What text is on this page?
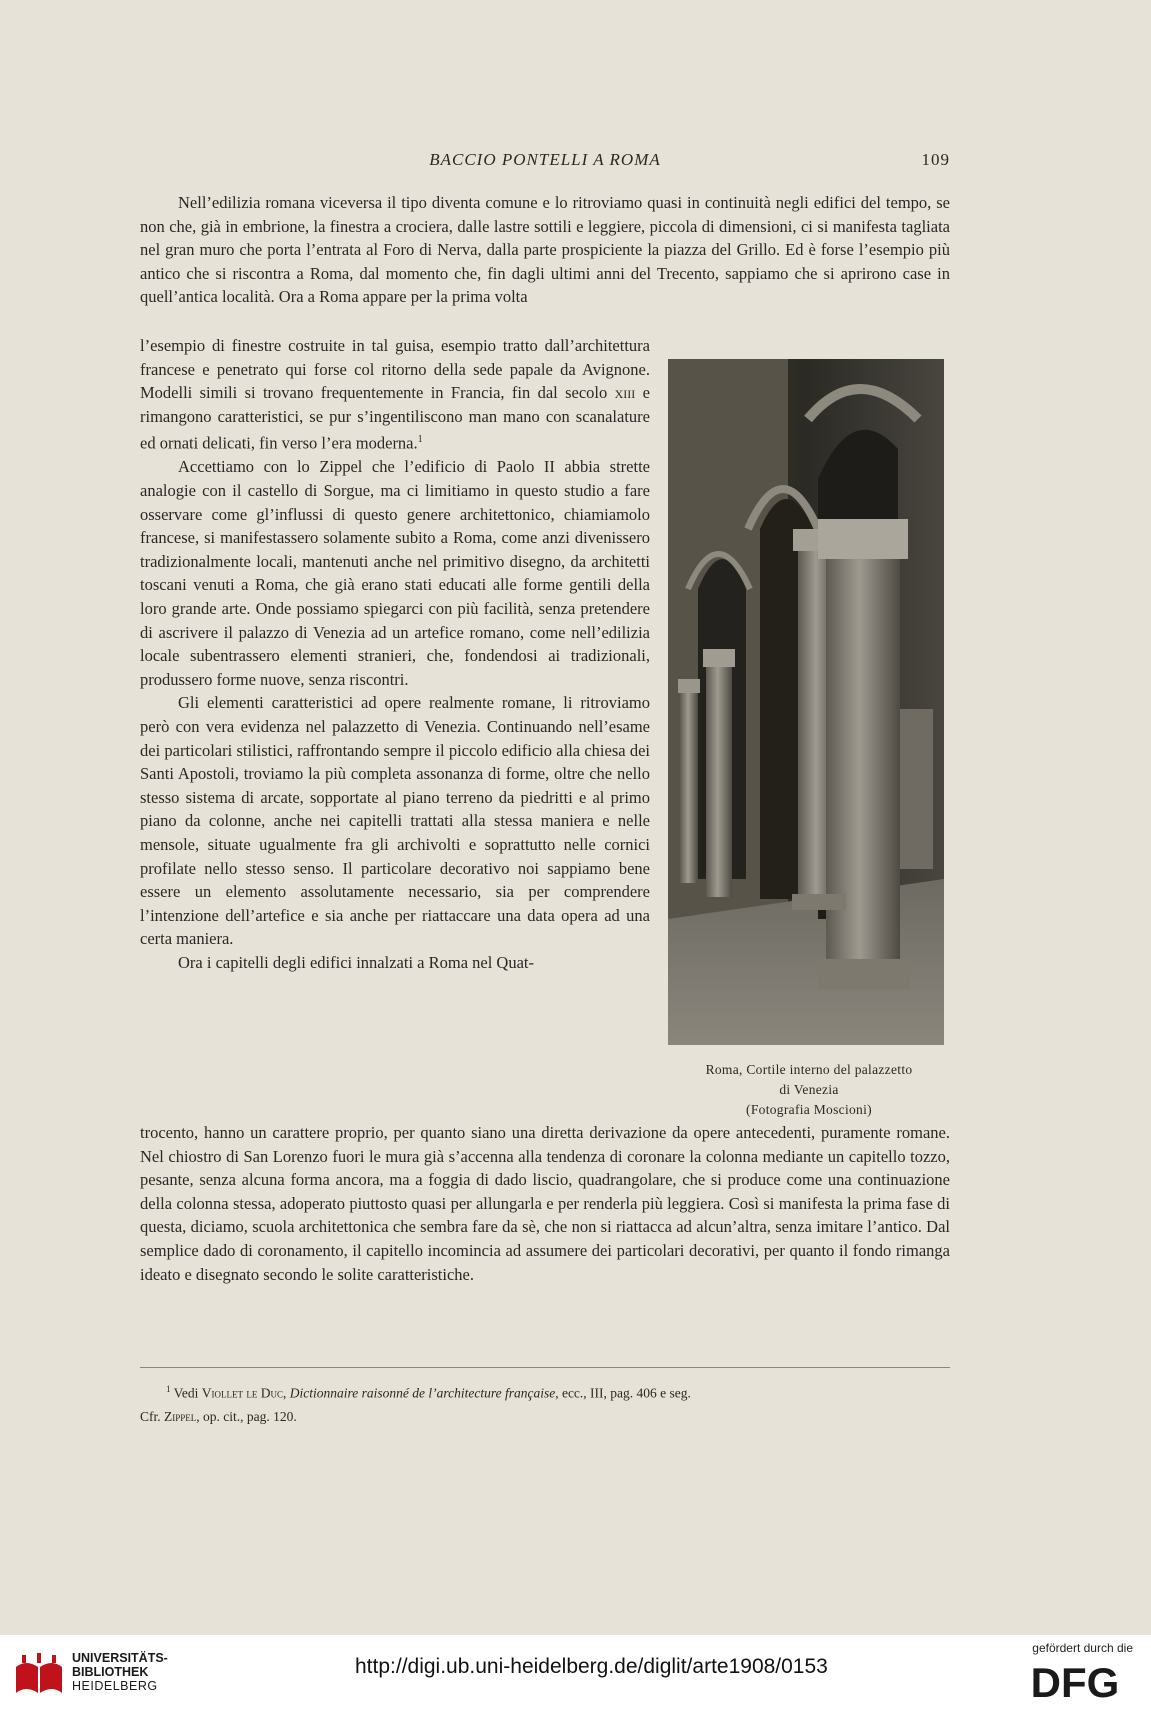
BACCIO PONTELLI A ROMA	109

Nell’edilizia romana viceversa il tipo diventa comune e lo ritroviamo quasi in continuità negli edifici del tempo, se non che, già in embrione, la finestra a crociera, dalle lastre sottili e leggiere, piccola di dimensioni, ci si manifesta tagliata nel gran muro che porta l’entrata al Foro di Nerva, dalla parte prospiciente la piazza del Grillo. Ed è forse l’esempio più antico che si riscontra a Roma, dal momento che, fin dagli ultimi anni del Trecento, sappiamo che si aprirono case in quell’antica località. Ora a Roma appare per la prima volta

l’esempio di finestre costruite in tal guisa, esempio tratto dall’architettura francese e penetrato qui forse col ritorno della sede papale da Avignone. Modelli simili si trovano frequentemente in Francia, fin dal secolo xiii e rimangono caratteristici, se pur s’ingentiliscono man mano con scanalature ed ornati delicati, fin verso l’era moderna.$^1$

Accettiamo con lo Zippel che l’edificio di Paolo II abbia strette analogie con il castello di Sorgue, ma ci limitiamo in questo studio a fare osservare come gl’influssi di questo genere architettonico, chiamiamolo francese, si manifestassero solamente subito a Roma, come anzi divenissero tradizionalmente locali, mantenuti anche nel primitivo disegno, da architetti toscani venuti a Roma, che già erano stati educati alle forme gentili della loro grande arte. Onde possiamo spiegarci con più facilità, senza pretendere di ascrivere il palazzo di Venezia ad un artefice romano, come nell’edilizia locale subentrassero elementi stranieri, che, fondendosi ai tradizionali, produssero forme nuove, senza riscontri.

Gli elementi caratteristici ad opere realmente romane, li ritroviamo però con vera evidenza nel palazzetto di Venezia. Continuando nell’esame dei particolari stilistici, raffrontando sempre il piccolo edificio alla chiesa dei Santi Apostoli, troviamo la più completa assonanza di forme, oltre che nello stesso sistema di arcate, sopportate al piano terreno da piedritti e al primo piano da colonne, anche nei capitelli trattati alla stessa maniera e nelle mensole, situate ugualmente fra gli archivolti e soprattutto nelle cornici profilate nello stesso senso. Il particolare decorativo noi sappiamo bene essere un elemento assolutamente necessario, sia per comprendere l’intenzione dell’artefice e sia anche per riattaccare una data opera ad una certa maniera.

Ora i capitelli degli edifici innalzati a Roma nel Quat-

Roma, Cortile interno del palazzetto
di Venezia
(Fotografia Moscioni)

trocento, hanno un carattere proprio, per quanto siano una diretta derivazione da opere antecedenti, puramente romane. Nel chiostro di San Lorenzo fuori le mura già s’accenna alla tendenza di coronare la colonna mediante un capitello tozzo, pesante, senza alcuna forma ancora, ma a foggia di dado liscio, quadrangolare, che si produce come una continuazione della colonna stessa, adoperato piuttosto quasi per allungarla e per renderla più leggiera. Così si manifesta la prima fase di questa, diciamo, scuola architettonica che sembra fare da sè, che non si riattacca ad alcun’altra, senza imitare l’antico. Dal semplice dado di coronamento, il capitello incomincia ad assumere dei particolari decorativi, per quanto il fondo rimanga ideato e disegnato secondo le solite caratteristiche.

$^1$ Vedi Viollet le Duc, Dictionnaire raisonné de l’architecture française, ecc., III, pag. 406 e seg.

Cfr. Zippel, op. cit., pag. 120.

UNIVERSITÄTS-
BIBLIOTHEK
HEIDELBERG
http://digi.ub.uni-heidelberg.de/diglit/arte1908/0153
gefördert durch die
DFG
